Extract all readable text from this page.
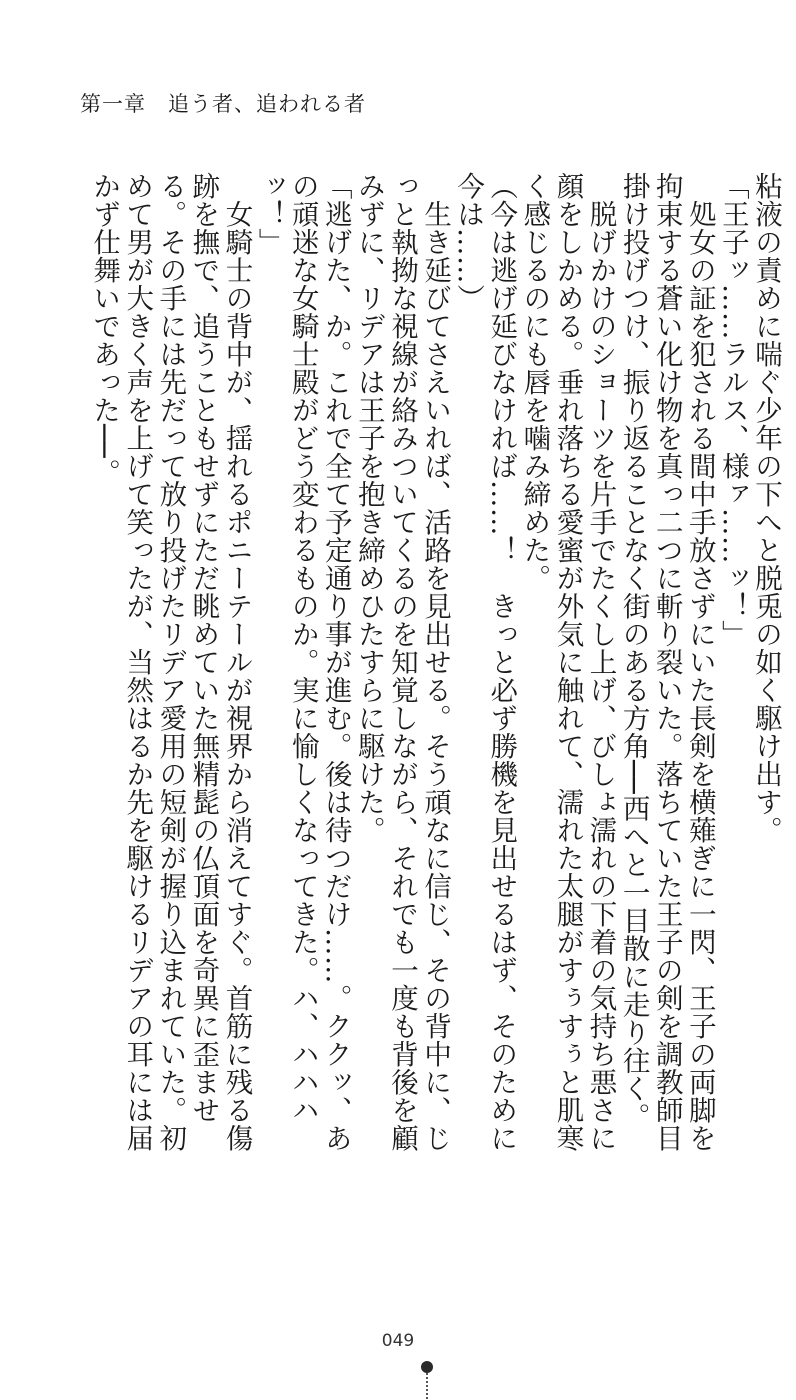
第一章　追う者、追われる者

粘液の責めに喘ぐ少年の下へと脱兎の如く駆け出す。

「王子ッ……ラルス、様ァ……ッ！」

　処女の証を犯される間中手放さずにいた長剣を横薙ぎに一閃、王子の両脚を拘束する蒼い化け物を真っ二つに斬り裂いた。落ちていた王子の剣を調教師目掛け投げつけ、振り返ることなく街のある方角──西へと一目散に走り往く。

　脱げかけのショーツを片手でたくし上げ、びしょ濡れの下着の気持ち悪さに顔をしかめる。垂れ落ちる愛蜜が外気に触れて、濡れた太腿がすぅすぅと肌寒く感じるのにも唇を噛み締めた。

（今は逃げ延びなければ……！　きっと必ず勝機を見出せるはず、そのために今は……）

　生き延びてさえいれば、活路を見出せる。そう頑なに信じ、その背中に、じっと執拗な視線が絡みついてくるのを知覚しながら、それでも一度も背後を顧みずに、リデアは王子を抱き締めひたすらに駆けた。

「逃げた、か。これで全て予定通り事が進む。後は待つだけ……。ククッ、あの頑迷な女騎士殿がどう変わるものか。実に愉しくなってきた。ハ、ハハハッ！」

　女騎士の背中が、揺れるポニーテールが視界から消えてすぐ。首筋に残る傷跡を撫で、追うこともせずにただ眺めていた無精髭の仏頂面を奇異に歪ませる。その手には先だって放り投げたリデア愛用の短剣が握り込まれていた。初めて男が大きく声を上げて笑ったが、当然はるか先を駆けるリデアの耳には届かず仕舞いであった──。

049
